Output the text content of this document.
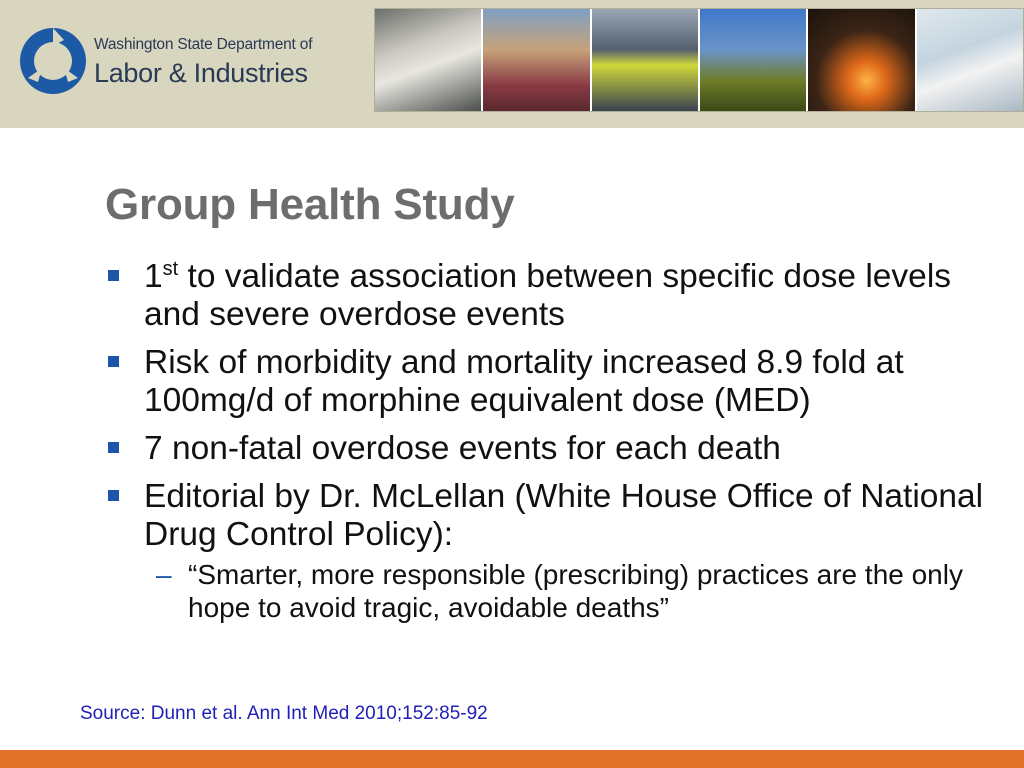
Washington State Department of
Labor & Industries
Group Health Study
1st to validate association between specific dose levels and severe overdose events
Risk of morbidity and mortality increased 8.9 fold at 100mg/d of morphine equivalent dose (MED)
7 non-fatal overdose events for each death
Editorial by Dr. McLellan (White House Office of National Drug Control Policy):
– “Smarter, more responsible (prescribing) practices are the only hope to avoid tragic, avoidable deaths”
Source: Dunn et al. Ann Int Med 2010;152:85-92
